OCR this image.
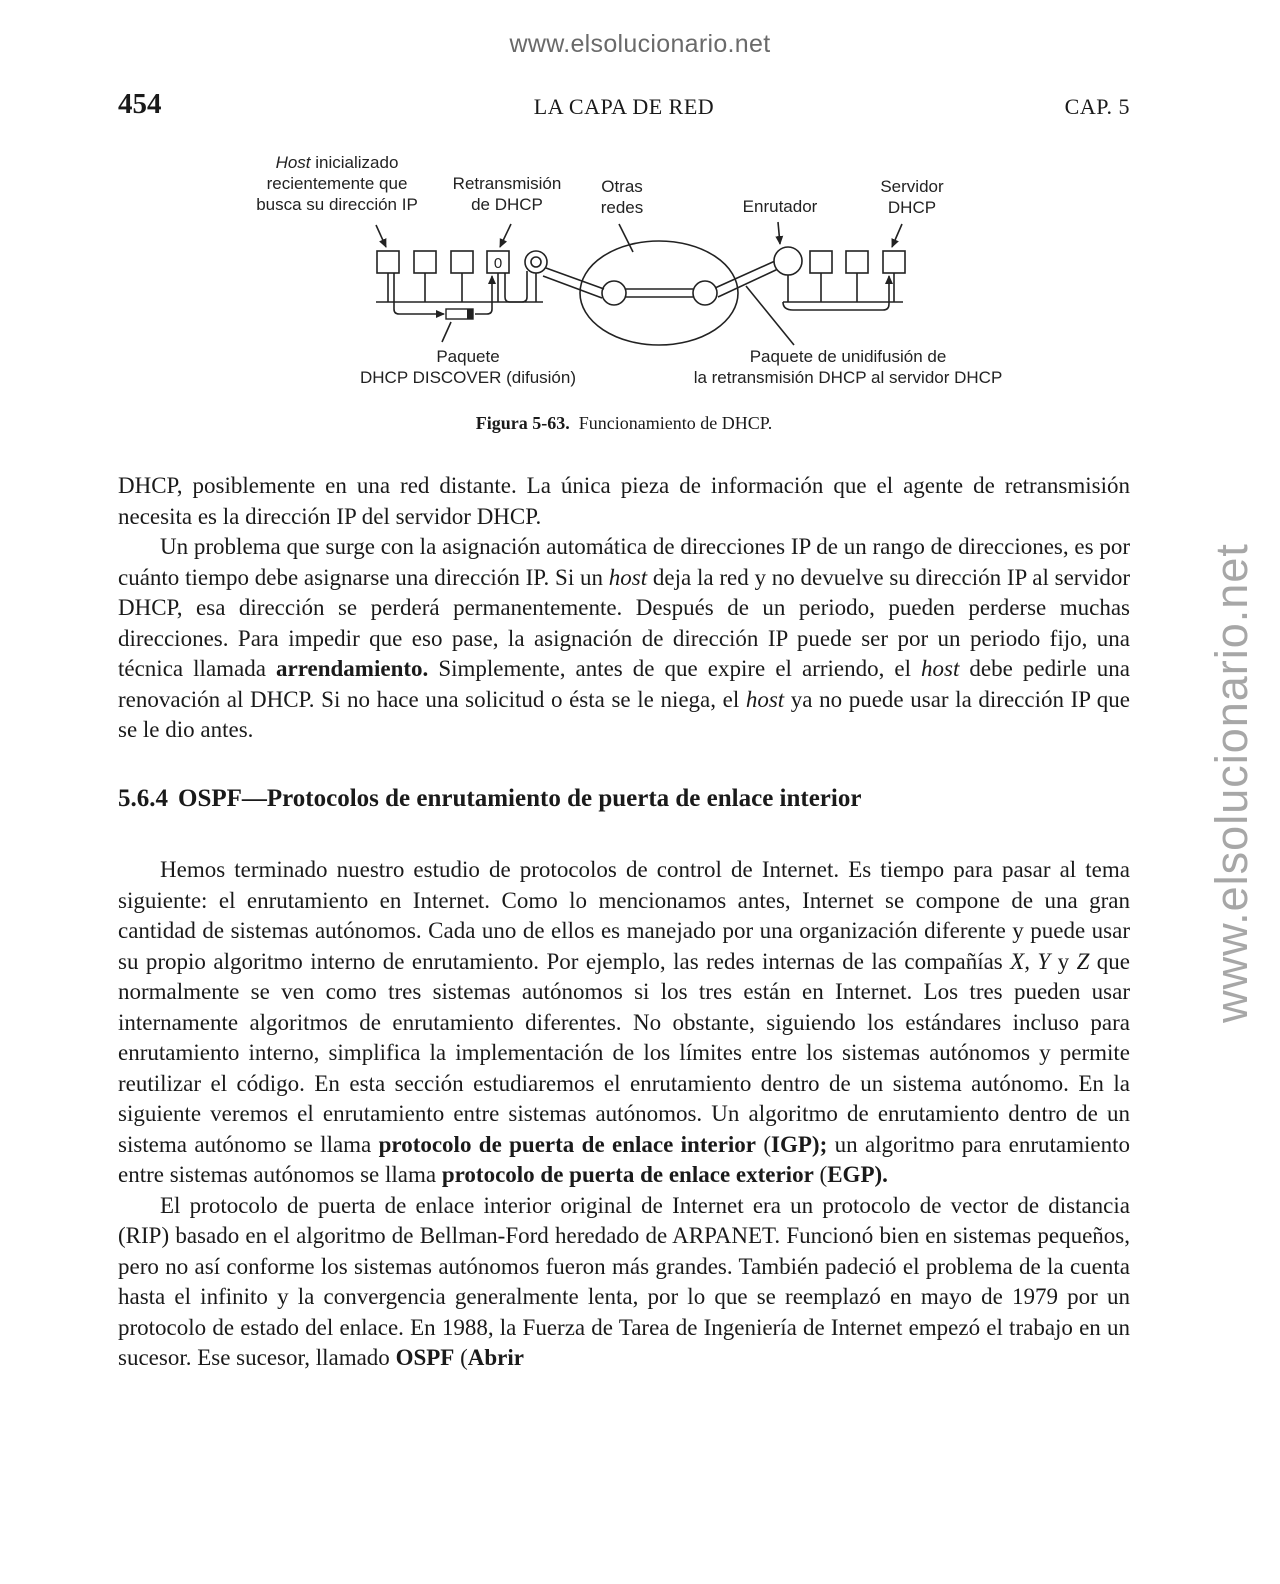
www.elsolucionario.net
www.elsolucionario.net
454	LA CAPA DE RED	CAP. 5
0
Host inicializado
recientemente que
busca su dirección IP
Retransmisión
de DHCP
Otras
redes	Enrutador
Servidor
DHCP
Paquete
DHCP DISCOVER (difusión)
Paquete de unidifusión de
la retransmisión DHCP al servidor DHCP
Figura 5-63. Funcionamiento de DHCP.

DHCP, posiblemente en una red distante. La única pieza de información que el agente de retransmisión necesita es la dirección IP del servidor DHCP.

Un problema que surge con la asignación automática de direcciones IP de un rango de direcciones, es por cuánto tiempo debe asignarse una dirección IP. Si un host deja la red y no devuelve su dirección IP al servidor DHCP, esa dirección se perderá permanentemente. Después de un periodo, pueden perderse muchas direcciones. Para impedir que eso pase, la asignación de dirección IP puede ser por un periodo fijo, una técnica llamada arrendamiento. Simplemente, antes de que expire el arriendo, el host debe pedirle una renovación al DHCP. Si no hace una solicitud o ésta se le niega, el host ya no puede usar la dirección IP que se le dio antes.

5.6.4 OSPF—Protocolos de enrutamiento de puerta de enlace interior

Hemos terminado nuestro estudio de protocolos de control de Internet. Es tiempo para pasar al tema siguiente: el enrutamiento en Internet. Como lo mencionamos antes, Internet se compone de una gran cantidad de sistemas autónomos. Cada uno de ellos es manejado por una organización diferente y puede usar su propio algoritmo interno de enrutamiento. Por ejemplo, las redes internas de las compañías X, Y y Z que normalmente se ven como tres sistemas autónomos si los tres están en Internet. Los tres pueden usar internamente algoritmos de enrutamiento diferentes. No obstante, siguiendo los estándares incluso para enrutamiento interno, simplifica la implementación de los límites entre los sistemas autónomos y permite reutilizar el código. En esta sección estudiaremos el enrutamiento dentro de un sistema autónomo. En la siguiente veremos el enrutamiento entre sistemas autónomos. Un algoritmo de enrutamiento dentro de un sistema autónomo se llama protocolo de puerta de enlace interior (IGP); un algoritmo para enrutamiento entre sistemas autónomos se llama protocolo de puerta de enlace exterior (EGP).

El protocolo de puerta de enlace interior original de Internet era un protocolo de vector de distancia (RIP) basado en el algoritmo de Bellman-Ford heredado de ARPANET. Funcionó bien en sistemas pequeños, pero no así conforme los sistemas autónomos fueron más grandes. También padeció el problema de la cuenta hasta el infinito y la convergencia generalmente lenta, por lo que se reemplazó en mayo de 1979 por un protocolo de estado del enlace. En 1988, la Fuerza de Tarea de Ingeniería de Internet empezó el trabajo en un sucesor. Ese sucesor, llamado OSPF (Abrir
